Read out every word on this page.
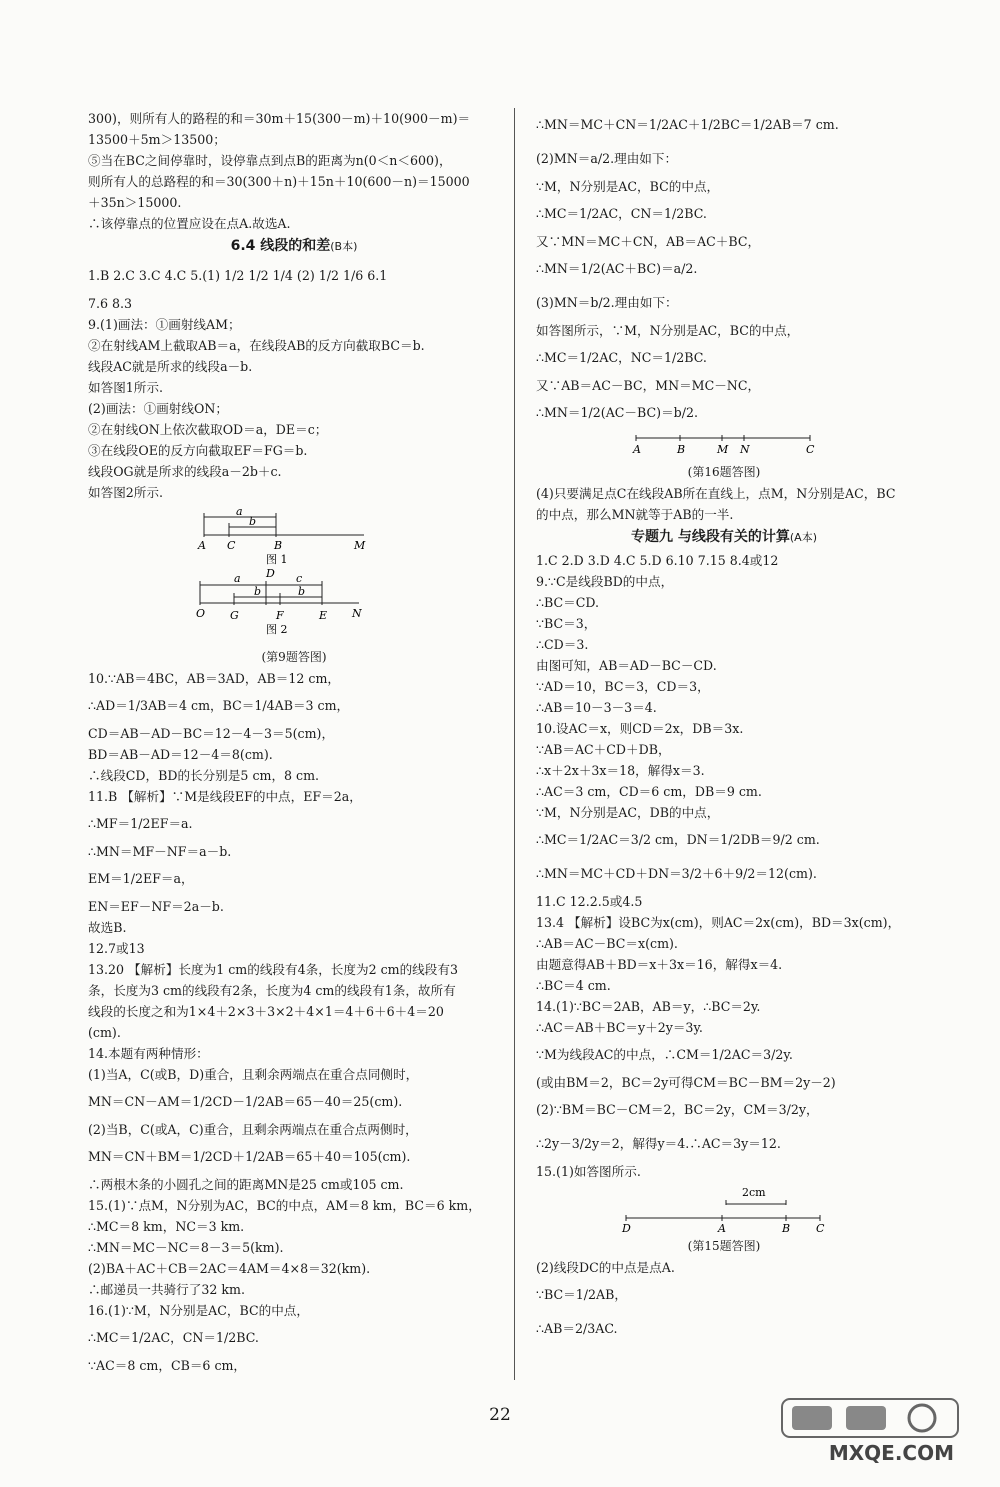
300)，则所有人的路程的和＝30m＋15(300－m)＋10(900－m)＝
13500＋5m＞13500；
⑤当在BC之间停靠时，设停靠点到点B的距离为n(0＜n＜600)，
则所有人的总路程的和＝30(300＋n)＋15n＋10(600－n)＝15000
＋35n＞15000.
∴该停靠点的位置应设在点A.故选A.
6.4 线段的和差(B本)
1.B 2.C 3.C 4.C 5.(1) 1/2 1/2 1/4 (2) 1/2 1/6 6.1
7.6 8.3
9.(1)画法：①画射线AM；
②在射线AM上截取AB＝a，在线段AB的反方向截取BC＝b.
线段AC就是所求的线段a－b.
如答图1所示.
(2)画法：①画射线ON；
②在射线ON上依次截取OD＝a，DE＝c；
③在线段OE的反方向截取EF＝FG＝b.
线段OG就是所求的线段a－2b＋c.
如答图2所示.
a
b
A C	B	M
图 1
a D c
b	b
O G	F	E N
图 2
(第9题答图)
10.∵AB＝4BC，AB＝3AD，AB＝12 cm，
∴AD＝1/3AB＝4 cm，BC＝1/4AB＝3 cm，
CD＝AB－AD－BC＝12－4－3＝5(cm)，
BD＝AB－AD＝12－4＝8(cm).
∴线段CD，BD的长分别是5 cm，8 cm.
11.B 【解析】∵M是线段EF的中点，EF＝2a，
∴MF＝1/2EF＝a.
∴MN＝MF－NF＝a－b.
EM＝1/2EF＝a，
EN＝EF－NF＝2a－b.
故选B.
12.7或13
13.20 【解析】长度为1 cm的线段有4条，长度为2 cm的线段有3
条，长度为3 cm的线段有2条，长度为4 cm的线段有1条，故所有
线段的长度之和为1×4＋2×3＋3×2＋4×1＝4＋6＋6＋4＝20
(cm).
14.本题有两种情形：
(1)当A，C(或B，D)重合，且剩余两端点在重合点同侧时，
MN＝CN－AM＝1/2CD－1/2AB＝65－40＝25(cm).
(2)当B，C(或A，C)重合，且剩余两端点在重合点两侧时，
MN＝CN＋BM＝1/2CD＋1/2AB＝65＋40＝105(cm).
∴两根木条的小圆孔之间的距离MN是25 cm或105 cm.
15.(1)∵点M，N分别为AC，BC的中点，AM＝8 km，BC＝6 km，
∴MC＝8 km，NC＝3 km.
∴MN＝MC－NC＝8－3＝5(km).
(2)BA＋AC＋CB＝2AC＝4AM＝4×8＝32(km).
∴邮递员一共骑行了32 km.
16.(1)∵M，N分别是AC，BC的中点，
∴MC＝1/2AC，CN＝1/2BC.
∵AC＝8 cm，CB＝6 cm，
∴MN＝MC＋CN＝1/2AC＋1/2BC＝1/2AB＝7 cm.
(2)MN＝a/2.理由如下：
∵M，N分别是AC，BC的中点，
∴MC＝1/2AC，CN＝1/2BC.
又∵MN＝MC＋CN，AB＝AC＋BC，
∴MN＝1/2(AC＋BC)＝a/2.
(3)MN＝b/2.理由如下：
如答图所示，∵M，N分别是AC，BC的中点，
∴MC＝1/2AC，NC＝1/2BC.
又∵AB＝AC－BC，MN＝MC－NC，
∴MN＝1/2(AC－BC)＝b/2.
A	B	M N	C
(第16题答图)
(4)只要满足点C在线段AB所在直线上，点M，N分别是AC，BC
的中点，那么MN就等于AB的一半.
专题九 与线段有关的计算(A本)
1.C 2.D 3.D 4.C 5.D 6.10 7.15 8.4或12
9.∵C是线段BD的中点，
∴BC＝CD.
∵BC＝3，
∴CD＝3.
由图可知，AB＝AD－BC－CD.
∵AD＝10，BC＝3，CD＝3，
∴AB＝10－3－3＝4.
10.设AC＝x，则CD＝2x，DB＝3x.
∵AB＝AC＋CD＋DB，
∴x＋2x＋3x＝18，解得x＝3.
∴AC＝3 cm，CD＝6 cm，DB＝9 cm.
∵M，N分别是AC，DB的中点，
∴MC＝1/2AC＝3/2 cm，DN＝1/2DB＝9/2 cm.
∴MN＝MC＋CD＋DN＝3/2＋6＋9/2＝12(cm).
11.C 12.2.5或4.5
13.4 【解析】设BC为x(cm)，则AC＝2x(cm)，BD＝3x(cm)，
∴AB＝AC－BC＝x(cm).
由题意得AB＋BD＝x＋3x＝16，解得x＝4.
∴BC＝4 cm.
14.(1)∵BC＝2AB，AB＝y，∴BC＝2y.
∴AC＝AB＋BC＝y＋2y＝3y.
∵M为线段AC的中点，∴CM＝1/2AC＝3/2y.
(或由BM＝2，BC＝2y可得CM＝BC－BM＝2y－2)
(2)∵BM＝BC－CM＝2，BC＝2y，CM＝3/2y，
∴2y－3/2y＝2，解得y＝4.∴AC＝3y＝12.
15.(1)如答图所示.
2cm
D	A	B C
(第15题答图)
(2)线段DC的中点是点A.
∵BC＝1/2AB，
∴AB＝2/3AC.
22
MXQE.COM
